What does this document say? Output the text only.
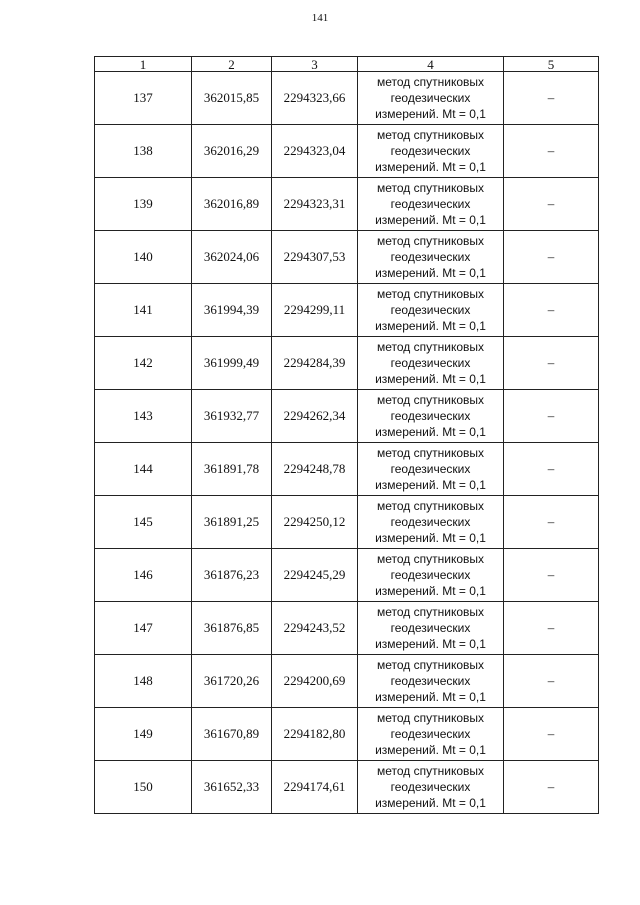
141
1	2	3	4	5
137	362015,85	2294323,66	метод спутниковых
геодезических
измерений. Mt = 0,1	–
138	362016,29	2294323,04	метод спутниковых
геодезических
измерений. Mt = 0,1	–
139	362016,89	2294323,31	метод спутниковых
геодезических
измерений. Mt = 0,1	–
140	362024,06	2294307,53	метод спутниковых
геодезических
измерений. Mt = 0,1	–
141	361994,39	2294299,11	метод спутниковых
геодезических
измерений. Mt = 0,1	–
142	361999,49	2294284,39	метод спутниковых
геодезических
измерений. Mt = 0,1	–
143	361932,77	2294262,34	метод спутниковых
геодезических
измерений. Mt = 0,1	–
144	361891,78	2294248,78	метод спутниковых
геодезических
измерений. Mt = 0,1	–
145	361891,25	2294250,12	метод спутниковых
геодезических
измерений. Mt = 0,1	–
146	361876,23	2294245,29	метод спутниковых
геодезических
измерений. Mt = 0,1	–
147	361876,85	2294243,52	метод спутниковых
геодезических
измерений. Mt = 0,1	–
148	361720,26	2294200,69	метод спутниковых
геодезических
измерений. Mt = 0,1	–
149	361670,89	2294182,80	метод спутниковых
геодезических
измерений. Mt = 0,1	–
150	361652,33	2294174,61	метод спутниковых
геодезических
измерений. Mt = 0,1	–
